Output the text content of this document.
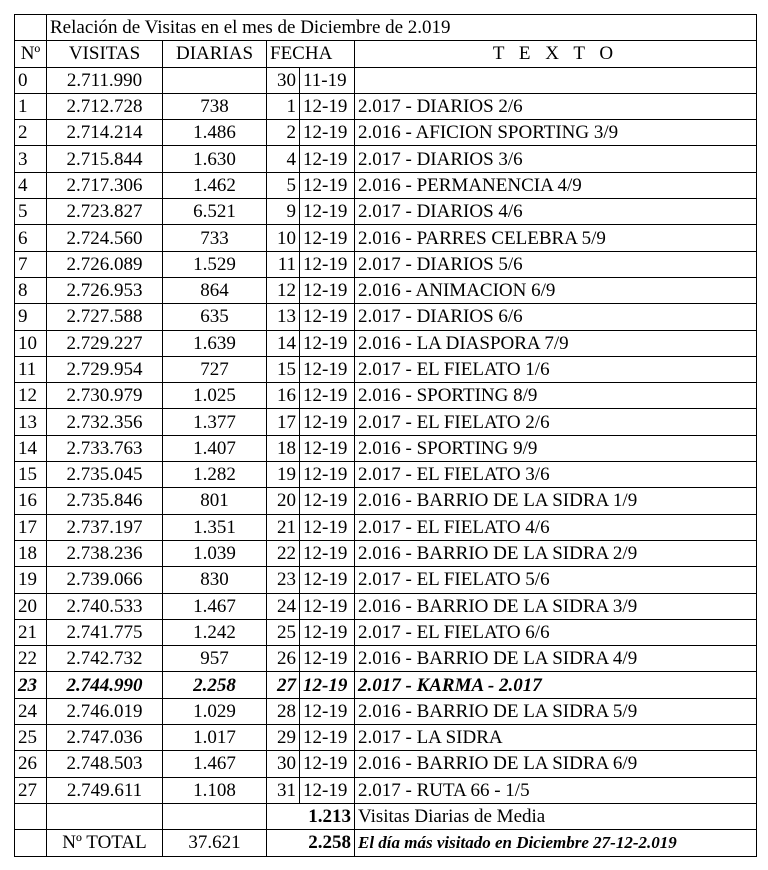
	Relación de Visitas en el mes de Diciembre de 2.019				
Nº	VISITAS	DIARIAS	FECHA		T E X T O
0	2.711.990		30	11-19	
1	2.712.728	738	1	12-19	2.017 - DIARIOS 2/6
2	2.714.214	1.486	2	12-19	2.016 - AFICION SPORTING 3/9
3	2.715.844	1.630	4	12-19	2.017 - DIARIOS 3/6
4	2.717.306	1.462	5	12-19	2.016 - PERMANENCIA 4/9
5	2.723.827	6.521	9	12-19	2.017 - DIARIOS 4/6
6	2.724.560	733	10	12-19	2.016 - PARRES CELEBRA 5/9
7	2.726.089	1.529	11	12-19	2.017 - DIARIOS 5/6
8	2.726.953	864	12	12-19	2.016 - ANIMACION 6/9
9	2.727.588	635	13	12-19	2.017 - DIARIOS 6/6
10	2.729.227	1.639	14	12-19	2.016 - LA DIASPORA 7/9
11	2.729.954	727	15	12-19	2.017 - EL FIELATO 1/6
12	2.730.979	1.025	16	12-19	2.016 - SPORTING 8/9
13	2.732.356	1.377	17	12-19	2.017 - EL FIELATO 2/6
14	2.733.763	1.407	18	12-19	2.016 - SPORTING 9/9
15	2.735.045	1.282	19	12-19	2.017 - EL FIELATO 3/6
16	2.735.846	801	20	12-19	2.016 - BARRIO DE LA SIDRA 1/9
17	2.737.197	1.351	21	12-19	2.017 - EL FIELATO 4/6
18	2.738.236	1.039	22	12-19	2.016 - BARRIO DE LA SIDRA 2/9
19	2.739.066	830	23	12-19	2.017 - EL FIELATO 5/6
20	2.740.533	1.467	24	12-19	2.016 - BARRIO DE LA SIDRA 3/9
21	2.741.775	1.242	25	12-19	2.017 - EL FIELATO 6/6
22	2.742.732	957	26	12-19	2.016 - BARRIO DE LA SIDRA 4/9
23	2.744.990	2.258	27	12-19	2.017 - KARMA - 2.017
24	2.746.019	1.029	28	12-19	2.016 - BARRIO DE LA SIDRA 5/9
25	2.747.036	1.017	29	12-19	2.017 - LA SIDRA
26	2.748.503	1.467	30	12-19	2.016 - BARRIO DE LA SIDRA 6/9
27	2.749.611	1.108	31	12-19	2.017 - RUTA 66 - 1/5
			1.213		Visitas Diarias de Media
	Nº TOTAL	37.621	2.258		El día más visitado en Diciembre 27-12-2.019
